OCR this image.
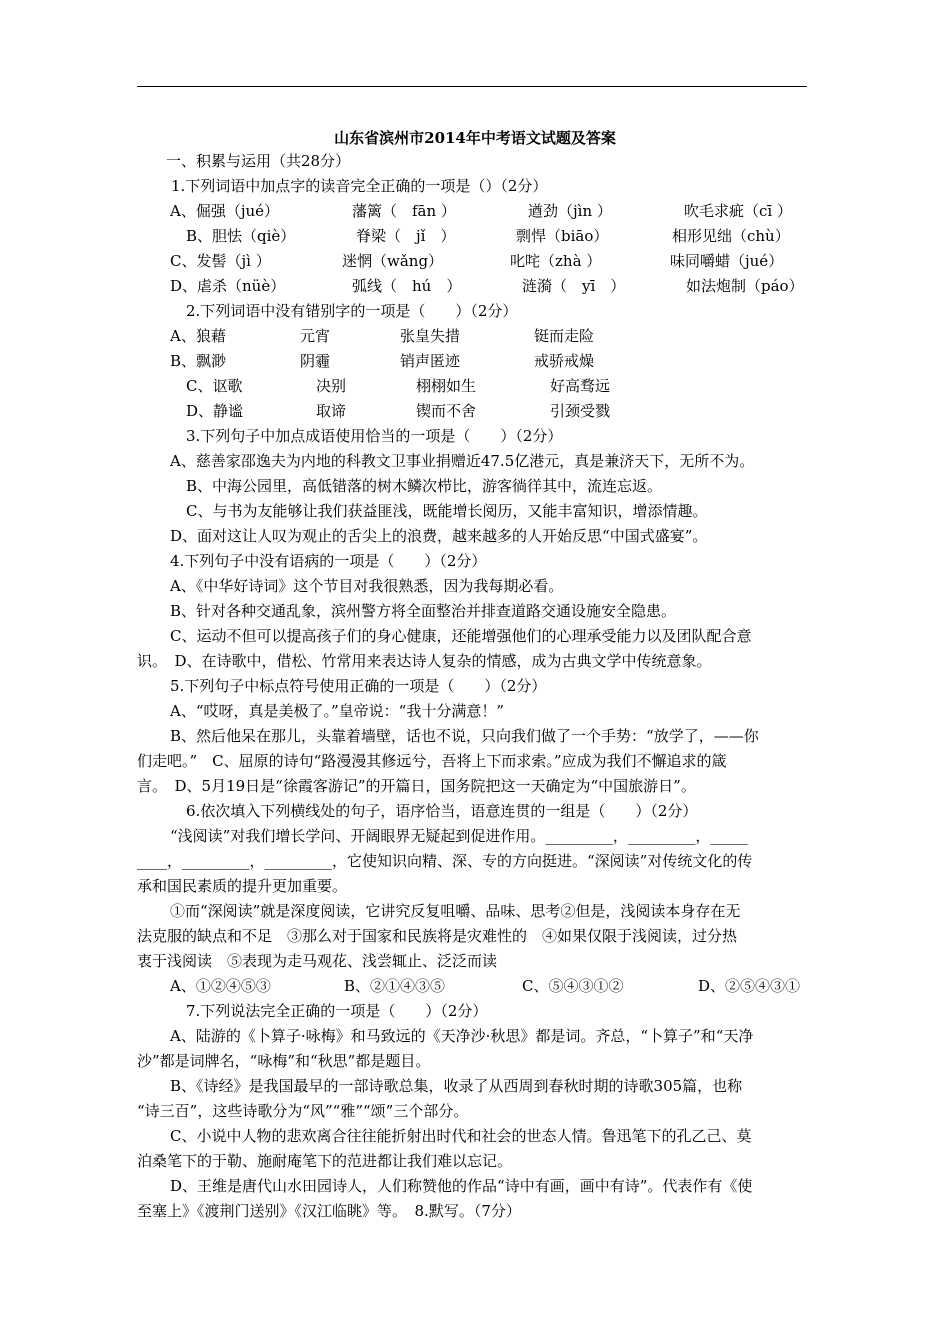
山东省滨州市2014年中考语文试题及答案
一、积累与运用（共28分）
1.下列词语中加点字的读音完全正确的一项是（）（2分）
A、倔强（jué）	藩篱（　fān ）	遒劲（jìn ）	吹毛求疵（cī ）
B、胆怯（qiè）	脊梁（　jǐ　）	剽悍（biāo）	相形见绌（chù）
C、发髻（jì ）	迷惘（wǎng）	叱咤（zhà ）	味同嚼蜡（jué）
D、虐杀（nüè）	弧线（　hú　）	涟漪（　yī　）	如法炮制（páo）
2.下列词语中没有错别字的一项是（　　）（2分）
A、狼藉	元宵	张皇失措	铤而走险
B、飘渺	阴霾	销声匿迹	戒骄戒燥
C、讴歌	决别	栩栩如生	好高骛远
D、静谧	取谛	锲而不舍	引颈受戮
3.下列句子中加点成语使用恰当的一项是（　　）（2分）
A、慈善家邵逸夫为内地的科教文卫事业捐赠近47.5亿港元，真是兼济天下，无所不为。
B、中海公园里，高低错落的树木鳞次栉比，游客徜徉其中，流连忘返。
C、与书为友能够让我们获益匪浅，既能增长阅历，又能丰富知识，增添情趣。
D、面对这让人叹为观止的舌尖上的浪费，越来越多的人开始反思“中国式盛宴”。
4.下列句子中没有语病的一项是（　　）（2分）
A、《中华好诗词》这个节目对我很熟悉，因为我每期必看。
B、针对各种交通乱象，滨州警方将全面整治并排查道路交通设施安全隐患。
C、运动不但可以提高孩子们的身心健康，还能增强他们的心理承受能力以及团队配合意
识。　D、在诗歌中，借松、竹常用来表达诗人复杂的情感，成为古典文学中传统意象。
5.下列句子中标点符号使用正确的一项是（　　）（2分）
A、“哎呀，真是美极了。”皇帝说：“我十分满意！”
B、然后他呆在那儿，头靠着墙壁，话也不说，只向我们做了一个手势：“放学了，——你
们走吧。”　C、屈原的诗句“路漫漫其修远兮，吾将上下而求索。”应成为我们不懈追求的箴
言。　D、5月19日是“徐霞客游记”的开篇日，国务院把这一天确定为“中国旅游日”。
6.依次填入下列横线处的句子，语序恰当，语意连贯的一组是（　　）（2分）
“浅阅读”对我们增长学问、开阔眼界无疑起到促进作用。_________，_________，_____
____，_________，_________，它使知识向精、深、专的方向挺进。“深阅读”对传统文化的传
承和国民素质的提升更加重要。
①而“深阅读”就是深度阅读，它讲究反复咀嚼、品味、思考②但是，浅阅读本身存在无
法克服的缺点和不足　③那么对于国家和民族将是灾难性的　④如果仅限于浅阅读，过分热
衷于浅阅读　⑤表现为走马观花、浅尝辄止、泛泛而读
A、①②④⑤③	B、②①④③⑤	C、⑤④③①②	D、②⑤④③①
7.下列说法完全正确的一项是（　　）（2分）
A、陆游的《卜算子·咏梅》和马致远的《天净沙·秋思》都是词。齐总，“卜算子”和“天净
沙”都是词牌名，“咏梅”和“秋思”都是题目。
B、《诗经》是我国最早的一部诗歌总集，收录了从西周到春秋时期的诗歌305篇，也称
“诗三百”，这些诗歌分为“风”“雅”“颂”三个部分。
C、小说中人物的悲欢离合往往能折射出时代和社会的世态人情。鲁迅笔下的孔乙己、莫
泊桑笔下的于勒、施耐庵笔下的范进都让我们难以忘记。
D、王维是唐代山水田园诗人，人们称赞他的作品“诗中有画，画中有诗”。代表作有《使
至塞上》《渡荆门送别》《汉江临眺》等。　8.默写。（7分）
